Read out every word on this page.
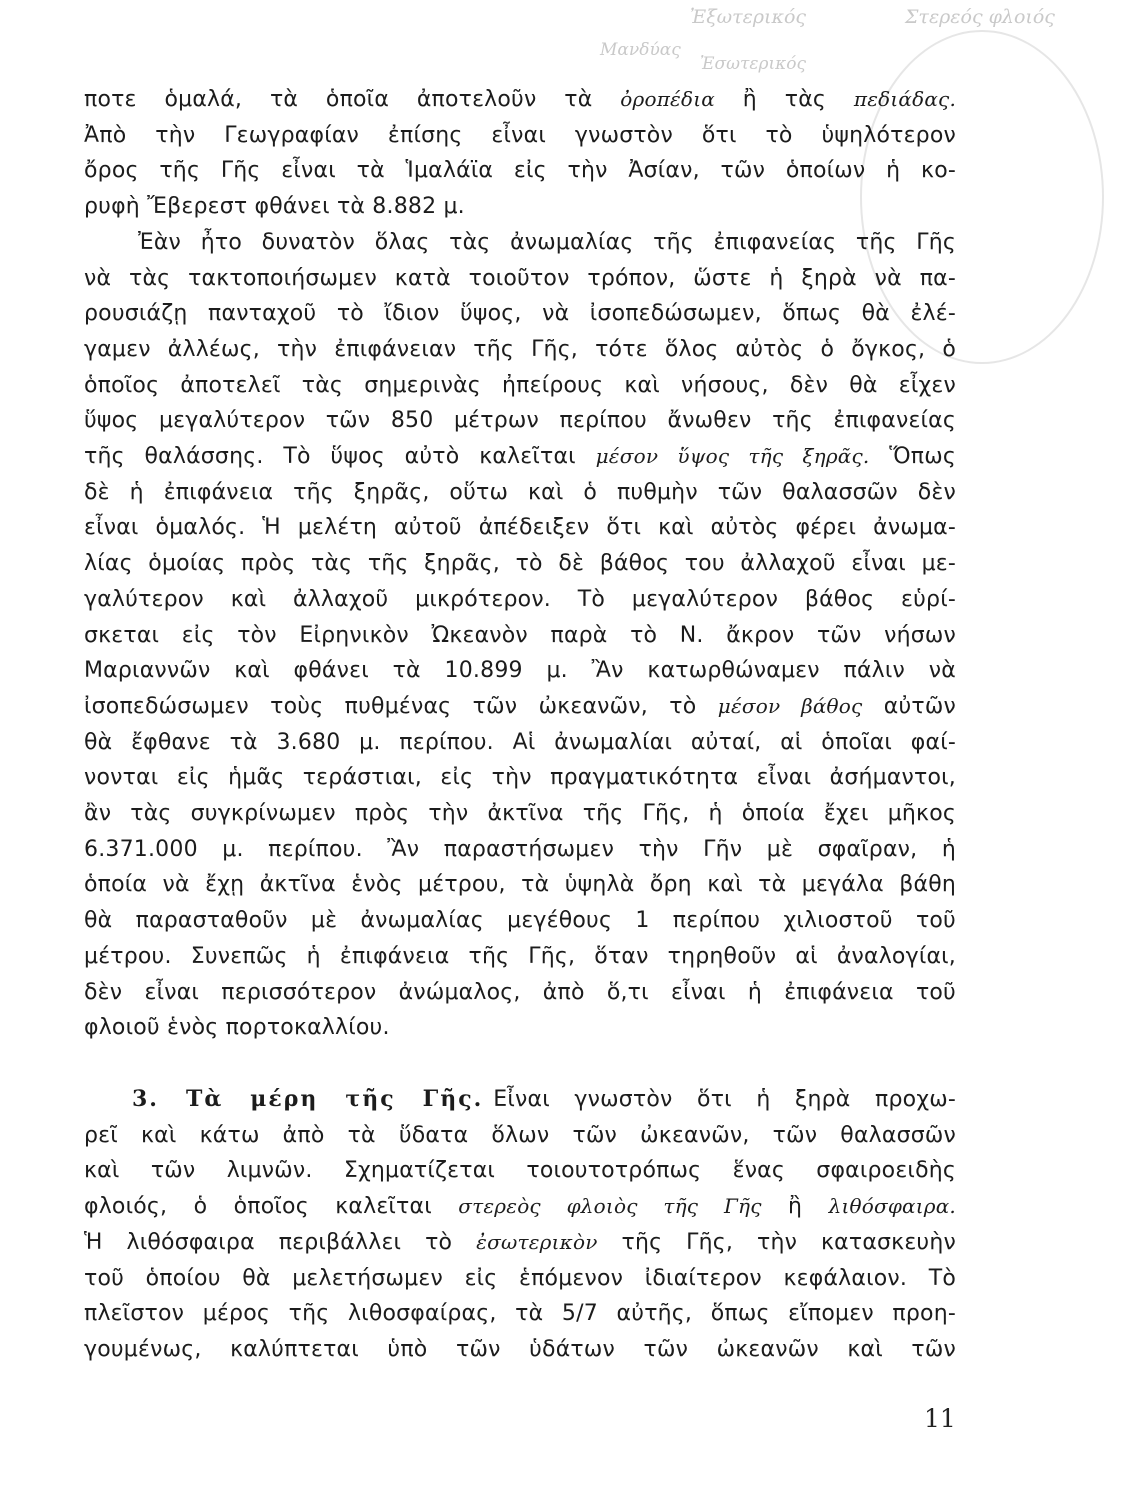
Ἐξωτερικός	Στερεός φλοιός
Μανδύας
Ἐσωτερικός

ποτε ὁμαλά, τὰ ὁποῖα ἀποτελοῦν τὰ ὀροπέδια ἢ τὰς πεδιάδας.

Ἀπὸ τὴν Γεωγραφίαν ἐπίσης εἶναι γνωστὸν ὅτι τὸ ὑψηλότερον

ὄρος τῆς Γῆς εἶναι τὰ Ἱμαλάϊα εἰς τὴν Ἀσίαν, τῶν ὁποίων ἡ κο-

ρυφὴ Ἔβερεστ φθάνει τὰ 8.882 μ.

Ἐὰν ἦτο δυνατὸν ὅλας τὰς ἀνωμαλίας τῆς ἐπιφανείας τῆς Γῆς

νὰ τὰς τακτοποιήσωμεν κατὰ τοιοῦτον τρόπον, ὥστε ἡ ξηρὰ νὰ πα-

ρουσιάζῃ πανταχοῦ τὸ ἴδιον ὕψος, νὰ ἰσοπεδώσωμεν, ὅπως θὰ ἐλέ-

γαμεν ἀλλέως, τὴν ἐπιφάνειαν τῆς Γῆς, τότε ὅλος αὐτὸς ὁ ὄγκος, ὁ

ὁποῖος ἀποτελεῖ τὰς σημερινὰς ἠπείρους καὶ νήσους, δὲν θὰ εἶχεν

ὕψος μεγαλύτερον τῶν 850 μέτρων περίπου ἄνωθεν τῆς ἐπιφανείας

τῆς θαλάσσης. Τὸ ὕψος αὐτὸ καλεῖται μέσον ὕψος τῆς ξηρᾶς. Ὅπως

δὲ ἡ ἐπιφάνεια τῆς ξηρᾶς, οὕτω καὶ ὁ πυθμὴν τῶν θαλασσῶν δὲν

εἶναι ὁμαλός. Ἡ μελέτη αὐτοῦ ἀπέδειξεν ὅτι καὶ αὐτὸς φέρει ἀνωμα-

λίας ὁμοίας πρὸς τὰς τῆς ξηρᾶς, τὸ δὲ βάθος του ἀλλαχοῦ εἶναι με-

γαλύτερον καὶ ἀλλαχοῦ μικρότερον. Τὸ μεγαλύτερον βάθος εὑρί-

σκεται εἰς τὸν Εἰρηνικὸν Ὠκεανὸν παρὰ τὸ Ν. ἄκρον τῶν νήσων

Μαριαννῶν καὶ φθάνει τὰ 10.899 μ. Ἂν κατωρθώναμεν πάλιν νὰ

ἰσοπεδώσωμεν τοὺς πυθμένας τῶν ὠκεανῶν, τὸ μέσον βάθος αὐτῶν

θὰ ἔφθανε τὰ 3.680 μ. περίπου. Αἱ ἀνωμαλίαι αὐταί, αἱ ὁποῖαι φαί-

νονται εἰς ἡμᾶς τεράστιαι, εἰς τὴν πραγματικότητα εἶναι ἀσήμαντοι,

ἂν τὰς συγκρίνωμεν πρὸς τὴν ἀκτῖνα τῆς Γῆς, ἡ ὁποία ἔχει μῆκος

6.371.000 μ. περίπου. Ἂν παραστήσωμεν τὴν Γῆν μὲ σφαῖραν, ἡ

ὁποία νὰ ἔχῃ ἀκτῖνα ἑνὸς μέτρου, τὰ ὑψηλὰ ὄρη καὶ τὰ μεγάλα βάθη

θὰ παρασταθοῦν μὲ ἀνωμαλίας μεγέθους 1 περίπου χιλιοστοῦ τοῦ

μέτρου. Συνεπῶς ἡ ἐπιφάνεια τῆς Γῆς, ὅταν τηρηθοῦν αἱ ἀναλογίαι,

δὲν εἶναι περισσότερον ἀνώμαλος, ἀπὸ ὅ,τι εἶναι ἡ ἐπιφάνεια τοῦ

φλοιοῦ ἑνὸς πορτοκαλλίου.

3. Τὰ μέρη τῆς Γῆς. Εἶναι γνωστὸν ὅτι ἡ ξηρὰ προχω-

ρεῖ καὶ κάτω ἀπὸ τὰ ὕδατα ὅλων τῶν ὠκεανῶν, τῶν θαλασσῶν

καὶ τῶν λιμνῶν. Σχηματίζεται τοιουτοτρόπως ἕνας σφαιροειδὴς

φλοιός, ὁ ὁποῖος καλεῖται στερεὸς φλοιὸς τῆς Γῆς ἢ λιθόσφαιρα.

Ἡ λιθόσφαιρα περιβάλλει τὸ ἐσωτερικὸν τῆς Γῆς, τὴν κατασκευὴν

τοῦ ὁποίου θὰ μελετήσωμεν εἰς ἑπόμενον ἰδιαίτερον κεφάλαιον. Τὸ

πλεῖστον μέρος τῆς λιθοσφαίρας, τὰ 5/7 αὐτῆς, ὅπως εἴπομεν προη-

γουμένως, καλύπτεται ὑπὸ τῶν ὑδάτων τῶν ὠκεανῶν καὶ τῶν

11
